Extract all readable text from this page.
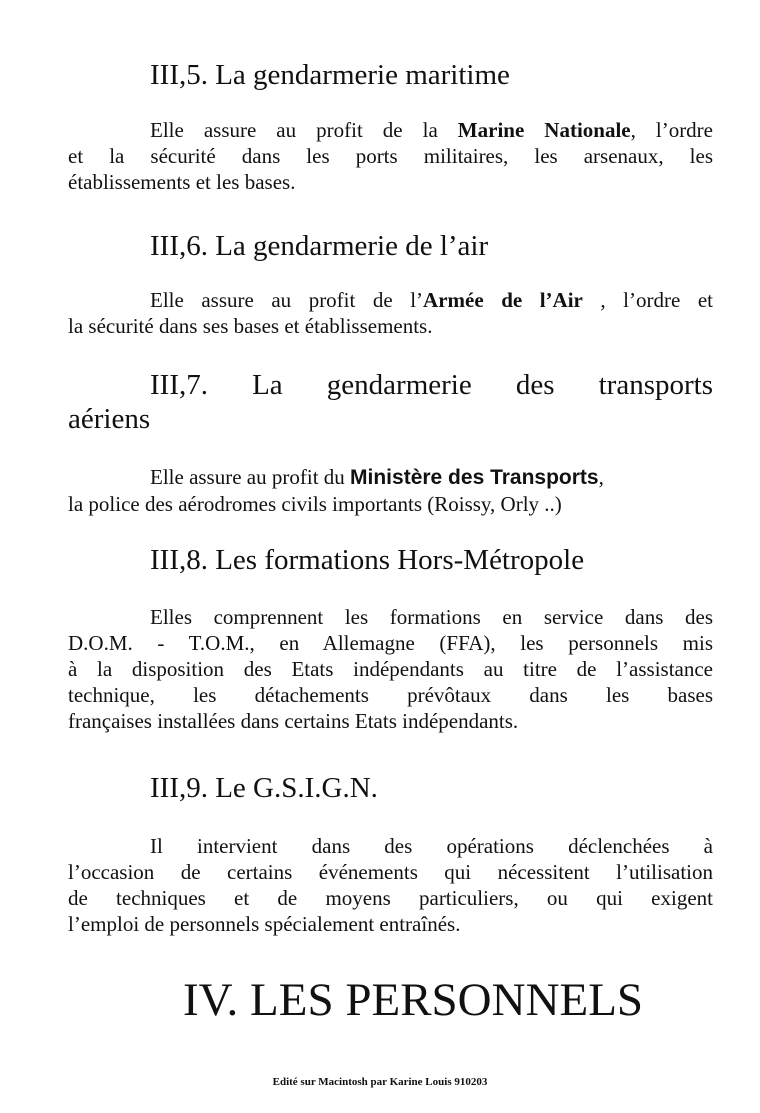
III,5. La gendarmerie maritime

Elle assure au profit de la Marine Nationale, l’ordre
et la sécurité dans les ports militaires, les arsenaux, les
établissements et les bases.

III,6. La gendarmerie de l’air

Elle assure au profit de l’Armée de l’Air , l’ordre et
la sécurité dans ses bases et établissements.

III,7. La gendarmerie des transports
aériens

Elle assure au profit du Ministère des Transports,
la police des aérodromes civils importants (Roissy, Orly ..)

III,8. Les formations Hors-Métropole

Elles comprennent les formations en service dans des
D.O.M. - T.O.M., en Allemagne (FFA), les personnels mis
à la disposition des Etats indépendants au titre de l’assistance
technique, les détachements prévôtaux dans les bases
françaises installées dans certains Etats indépendants.

III,9. Le G.S.I.G.N.

Il intervient dans des opérations déclenchées à
l’occasion de certains événements qui nécessitent l’utilisation
de techniques et de moyens particuliers, ou qui exigent
l’emploi de personnels spécialement entraînés.

IV. LES PERSONNELS
Edité sur Macintosh par Karine Louis 910203
